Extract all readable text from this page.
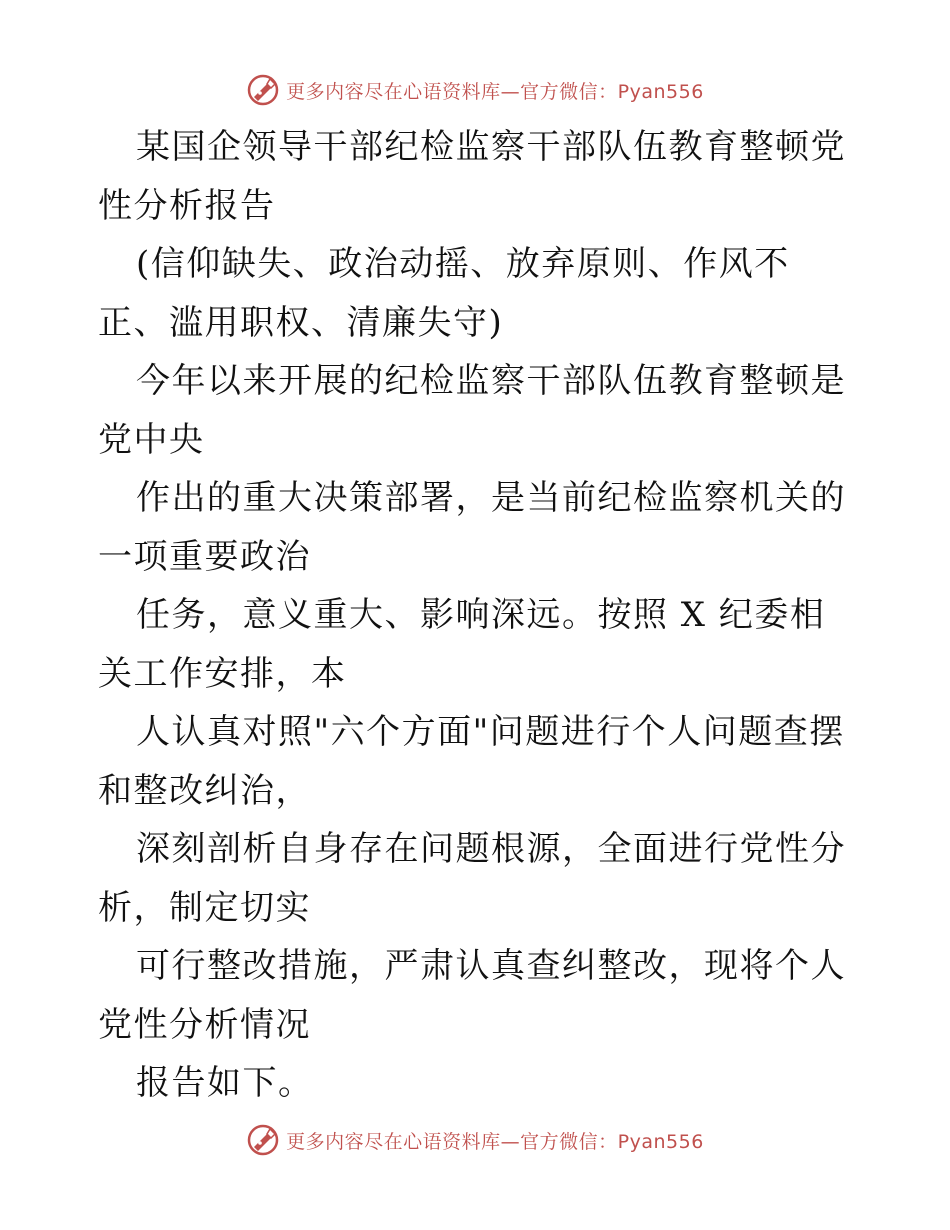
更多内容尽在心语资料库—官方微信：Pyan556

某国企领导干部纪检监察干部队伍教育整顿党性分析报告

(信仰缺失、政治动摇、放弃原则、作风不正、滥用职权、清廉失守)

今年以来开展的纪检监察干部队伍教育整顿是党中央

作出的重大决策部署，是当前纪检监察机关的一项重要政治

任务，意义重大、影响深远。按照 X 纪委相关工作安排，本

人认真对照"六个方面"问题进行个人问题查摆和整改纠治，

深刻剖析自身存在问题根源，全面进行党性分析，制定切实

可行整改措施，严肃认真查纠整改，现将个人党性分析情况

报告如下。

更多内容尽在心语资料库—官方微信：Pyan556
